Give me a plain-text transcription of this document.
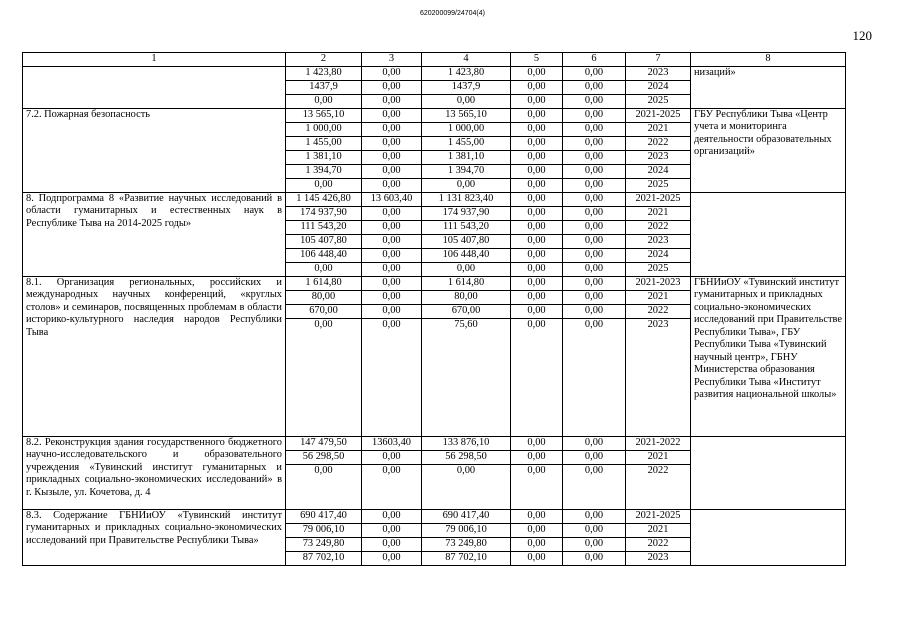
620200099/24704(4)
120
1	2	3	4	5	6	7	8
	1 423,80	0,00	1 423,80	0,00	0,00	2023	низаций»
	1437,9	0,00	1437,9	0,00	0,00	2024	
	0,00	0,00	0,00	0,00	0,00	2025	
7.2. Пожарная безопасность	13 565,10	0,00	13 565,10	0,00	0,00	2021-2025	ГБУ Республики Тыва «Центр учета и мониторинга деятельности образовательных организаций»
	1 000,00	0,00	1 000,00	0,00	0,00	2021	
	1 455,00	0,00	1 455,00	0,00	0,00	2022	
	1 381,10	0,00	1 381,10	0,00	0,00	2023	
	1 394,70	0,00	1 394,70	0,00	0,00	2024	
	0,00	0,00	0,00	0,00	0,00	2025	
8. Подпрограмма 8 «Развитие научных исследований в области гуманитарных и естественных наук в Республике Тыва на 2014-2025 годы»	1 145 426,80	13 603,40	1 131 823,40	0,00	0,00	2021-2025	
	174 937,90	0,00	174 937,90	0,00	0,00	2021	
	111 543,20	0,00	111 543,20	0,00	0,00	2022	
	105 407,80	0,00	105 407,80	0,00	0,00	2023	
	106 448,40	0,00	106 448,40	0,00	0,00	2024	
	0,00	0,00	0,00	0,00	0,00	2025	
8.1. Организация региональных, российских и международных научных конференций, «круглых столов» и семинаров, посвященных проблемам в области историко-культурного наследия народов Республики Тыва	1 614,80	0,00	1 614,80	0,00	0,00	2021-2023	ГБНИиОУ «Тувинский институт гуманитарных и прикладных социально-экономических исследований при Правительстве Республики Тыва», ГБУ Республики Тыва «Тувинский научный центр», ГБНУ Министерства образования Республики Тыва «Институт развития национальной школы»
	80,00	0,00	80,00	0,00	0,00	2021	
	670,00	0,00	670,00	0,00	0,00	2022	
	0,00	0,00	75,60	0,00	0,00	2023	
8.2. Реконструкция здания государственного бюджетного научно-исследовательского и образовательного учреждения «Тувинский институт гуманитарных и прикладных социально-экономических исследований» в г. Кызыле, ул. Кочетова, д. 4	147 479,50	13603,40	133 876,10	0,00	0,00	2021-2022	
	56 298,50	0,00	56 298,50	0,00	0,00	2021	
	0,00	0,00	0,00	0,00	0,00	2022	
8.3. Содержание ГБНИиОУ «Тувинский институт гуманитарных и прикладных социально-экономических исследований при Правительстве Республики Тыва»	690 417,40	0,00	690 417,40	0,00	0,00	2021-2025	
	79 006,10	0,00	79 006,10	0,00	0,00	2021	
	73 249,80	0,00	73 249,80	0,00	0,00	2022	
	87 702,10	0,00	87 702,10	0,00	0,00	2023	
